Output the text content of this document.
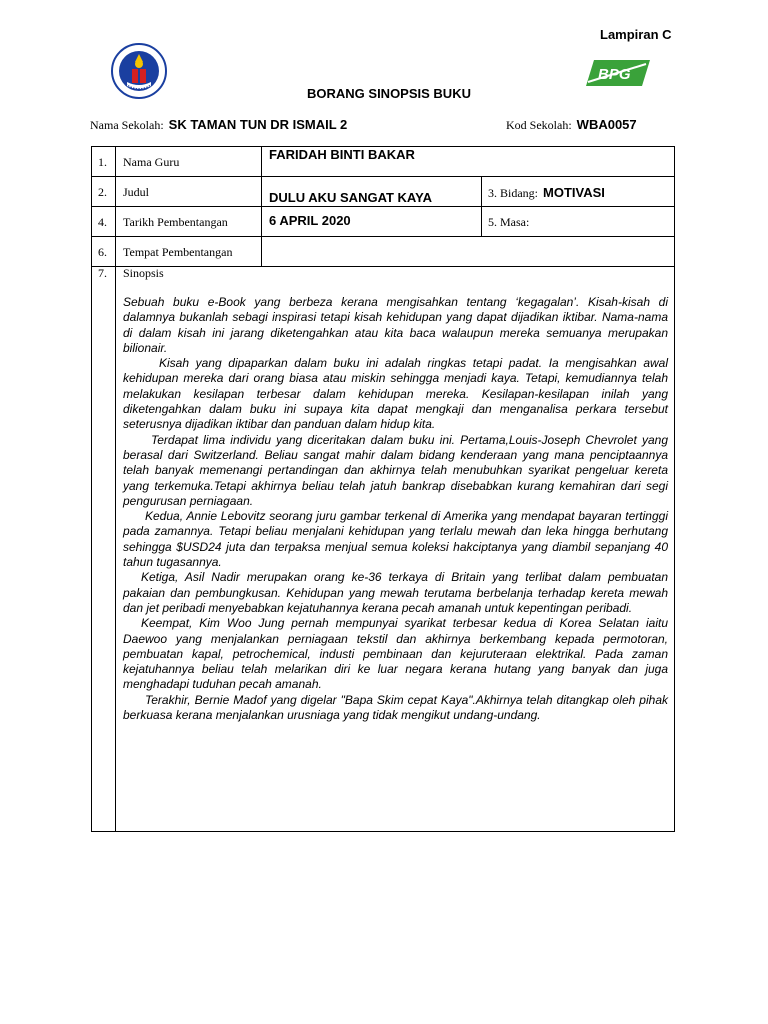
Lampiran C
BPG
BORANG SINOPSIS BUKU
Nama Sekolah: SK TAMAN TUN DR ISMAIL 2	Kod Sekolah: WBA0057
1. Nama Guru	FARIDAH BINTI BAKAR
2. Judul	DULU AKU SANGAT KAYA	3. Bidang: MOTIVASI
4. Tarikh Pembentangan	6 APRIL 2020	5. Masa:
6. Tempat Pembentangan
7. Sinopsis

Sebuah buku e-Book yang berbeza kerana mengisahkan tentang ‘kegagalan’. Kisah-kisah di dalamnya bukanlah sebagi inspirasi tetapi kisah kehidupan yang dapat dijadikan iktibar. Nama-nama di dalam kisah ini jarang diketengahkan atau kita baca walaupun mereka semuanya merupakan bilionair.

Kisah yang dipaparkan dalam buku ini adalah ringkas tetapi padat. Ia mengisahkan awal kehidupan mereka dari orang biasa atau miskin sehingga menjadi kaya. Tetapi, kemudiannya telah melakukan kesilapan terbesar dalam kehidupan mereka. Kesilapan-kesilapan inilah yang diketengahkan dalam buku ini supaya kita dapat mengkaji dan menganalisa perkara tersebut seterusnya dijadikan iktibar dan panduan dalam hidup kita.

Terdapat lima individu yang diceritakan dalam buku ini. Pertama,Louis-Joseph Chevrolet yang berasal dari Switzerland. Beliau sangat mahir dalam bidang kenderaan yang mana penciptaannya telah banyak memenangi pertandingan dan akhirnya telah menubuhkan syarikat pengeluar kereta yang terkemuka.Tetapi akhirnya beliau telah jatuh bankrap disebabkan kurang kemahiran dari segi pengurusan perniagaan.

Kedua, Annie Lebovitz seorang juru gambar terkenal di Amerika yang mendapat bayaran tertinggi pada zamannya. Tetapi beliau menjalani kehidupan yang terlalu mewah dan leka hingga berhutang sehingga $USD24 juta dan terpaksa menjual semua koleksi hakciptanya yang diambil sepanjang 40 tahun tugasannya.

Ketiga, Asil Nadir merupakan orang ke-36 terkaya di Britain yang terlibat dalam pembuatan pakaian dan pembungkusan. Kehidupan yang mewah terutama berbelanja terhadap kereta mewah dan jet peribadi menyebabkan kejatuhannya kerana pecah amanah untuk kepentingan peribadi.

Keempat, Kim Woo Jung pernah mempunyai syarikat terbesar kedua di Korea Selatan iaitu Daewoo yang menjalankan perniagaan tekstil dan akhirnya berkembang kepada permotoran, pembuatan kapal, petrochemical, industi pembinaan dan kejuruteraan elektrikal. Pada zaman kejatuhannya beliau telah melarikan diri ke luar negara kerana hutang yang banyak dan juga menghadapi tuduhan pecah amanah.

Terakhir, Bernie Madof yang digelar "Bapa Skim cepat Kaya".Akhirnya telah ditangkap oleh pihak berkuasa kerana menjalankan urusniaga yang tidak mengikut undang-undang.
